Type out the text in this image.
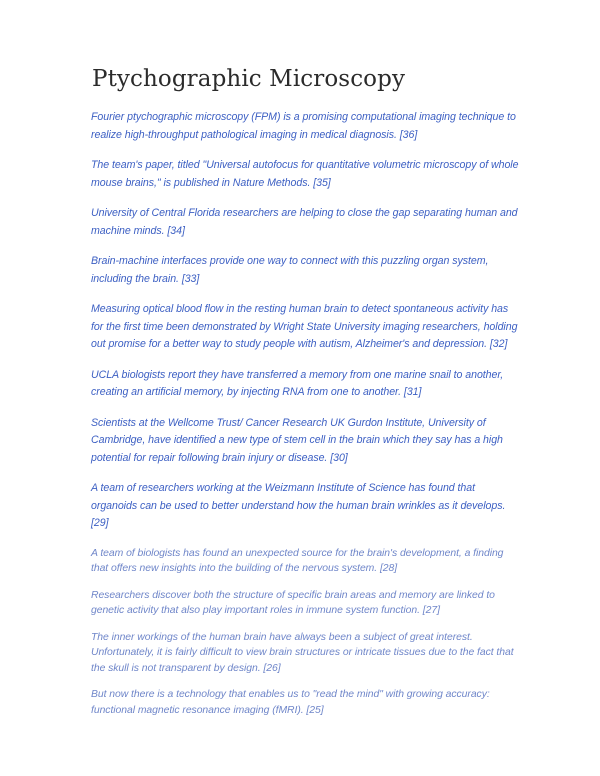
Ptychographic Microscopy

Fourier ptychographic microscopy (FPM) is a promising computational imaging technique to realize high-throughput pathological imaging in medical diagnosis. [36]

The team's paper, titled "Universal autofocus for quantitative volumetric microscopy of whole mouse brains," is published in Nature Methods. [35]

University of Central Florida researchers are helping to close the gap separating human and machine minds. [34]

Brain-machine interfaces provide one way to connect with this puzzling organ system, including the brain. [33]

Measuring optical blood flow in the resting human brain to detect spontaneous activity has for the first time been demonstrated by Wright State University imaging researchers, holding out promise for a better way to study people with autism, Alzheimer's and depression. [32]

UCLA biologists report they have transferred a memory from one marine snail to another, creating an artificial memory, by injecting RNA from one to another. [31]

Scientists at the Wellcome Trust/ Cancer Research UK Gurdon Institute, University of Cambridge, have identified a new type of stem cell in the brain which they say has a high potential for repair following brain injury or disease. [30]

A team of researchers working at the Weizmann Institute of Science has found that organoids can be used to better understand how the human brain wrinkles as it develops. [29]

A team of biologists has found an unexpected source for the brain's development, a finding that offers new insights into the building of the nervous system. [28]

Researchers discover both the structure of specific brain areas and memory are linked to genetic activity that also play important roles in immune system function. [27]

The inner workings of the human brain have always been a subject of great interest. Unfortunately, it is fairly difficult to view brain structures or intricate tissues due to the fact that the skull is not transparent by design. [26]

But now there is a technology that enables us to "read the mind" with growing accuracy: functional magnetic resonance imaging (fMRI). [25]
